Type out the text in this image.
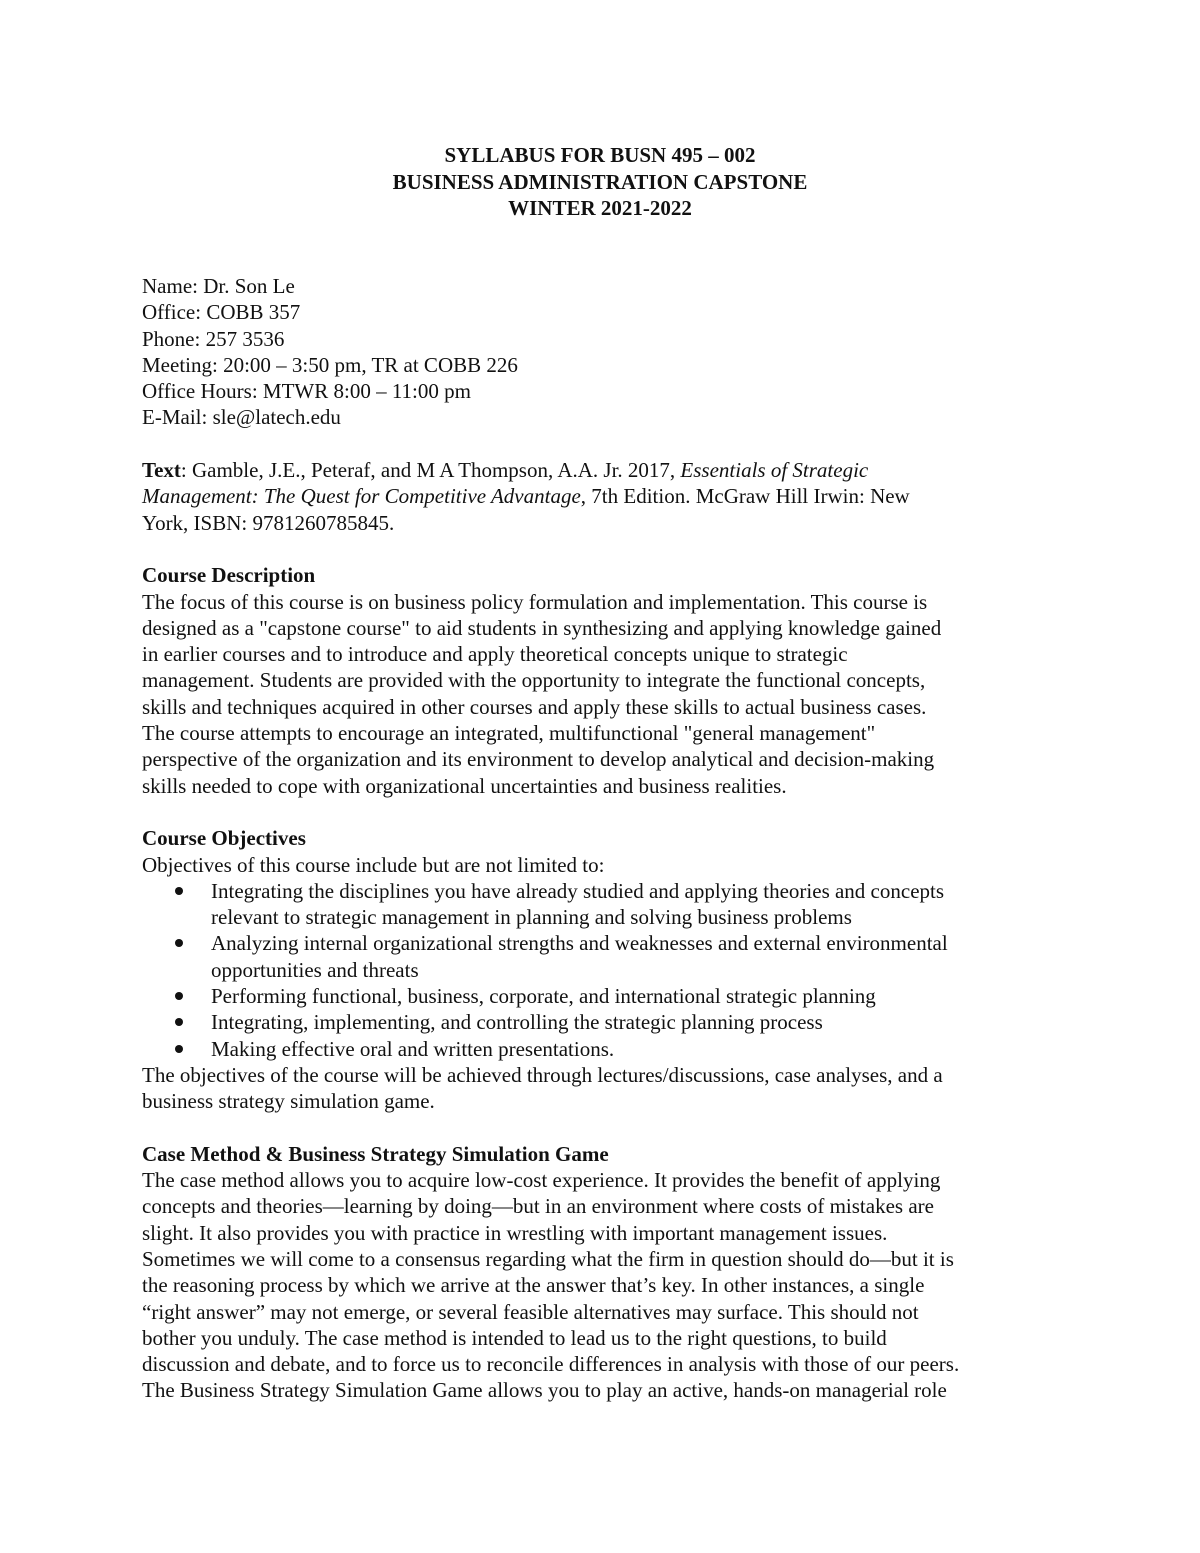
SYLLABUS FOR BUSN 495 – 002
BUSINESS ADMINISTRATION CAPSTONE
WINTER 2021-2022
Name: Dr. Son Le
Office: COBB 357
Phone: 257 3536
Meeting: 20:00 – 3:50 pm, TR at COBB 226
Office Hours: MTWR 8:00 – 11:00 pm
E-Mail: sle@latech.edu
Text: Gamble, J.E., Peteraf, and M A Thompson, A.A. Jr. 2017, Essentials of Strategic
Management: The Quest for Competitive Advantage, 7th Edition. McGraw Hill Irwin: New
York, ISBN: 9781260785845.
Course Description
The focus of this course is on business policy formulation and implementation. This course is
designed as a "capstone course" to aid students in synthesizing and applying knowledge gained
in earlier courses and to introduce and apply theoretical concepts unique to strategic
management. Students are provided with the opportunity to integrate the functional concepts,
skills and techniques acquired in other courses and apply these skills to actual business cases.
The course attempts to encourage an integrated, multifunctional "general management"
perspective of the organization and its environment to develop analytical and decision-making
skills needed to cope with organizational uncertainties and business realities.
Course Objectives
Objectives of this course include but are not limited to:
Integrating the disciplines you have already studied and applying theories and concepts
relevant to strategic management in planning and solving business problems
Analyzing internal organizational strengths and weaknesses and external environmental
opportunities and threats
Performing functional, business, corporate, and international strategic planning
Integrating, implementing, and controlling the strategic planning process
Making effective oral and written presentations.
The objectives of the course will be achieved through lectures/discussions, case analyses, and a
business strategy simulation game.
Case Method & Business Strategy Simulation Game
The case method allows you to acquire low-cost experience. It provides the benefit of applying
concepts and theories—learning by doing—but in an environment where costs of mistakes are
slight. It also provides you with practice in wrestling with important management issues.
Sometimes we will come to a consensus regarding what the firm in question should do—but it is
the reasoning process by which we arrive at the answer that’s key. In other instances, a single
“right answer” may not emerge, or several feasible alternatives may surface. This should not
bother you unduly. The case method is intended to lead us to the right questions, to build
discussion and debate, and to force us to reconcile differences in analysis with those of our peers.
The Business Strategy Simulation Game allows you to play an active, hands-on managerial role
